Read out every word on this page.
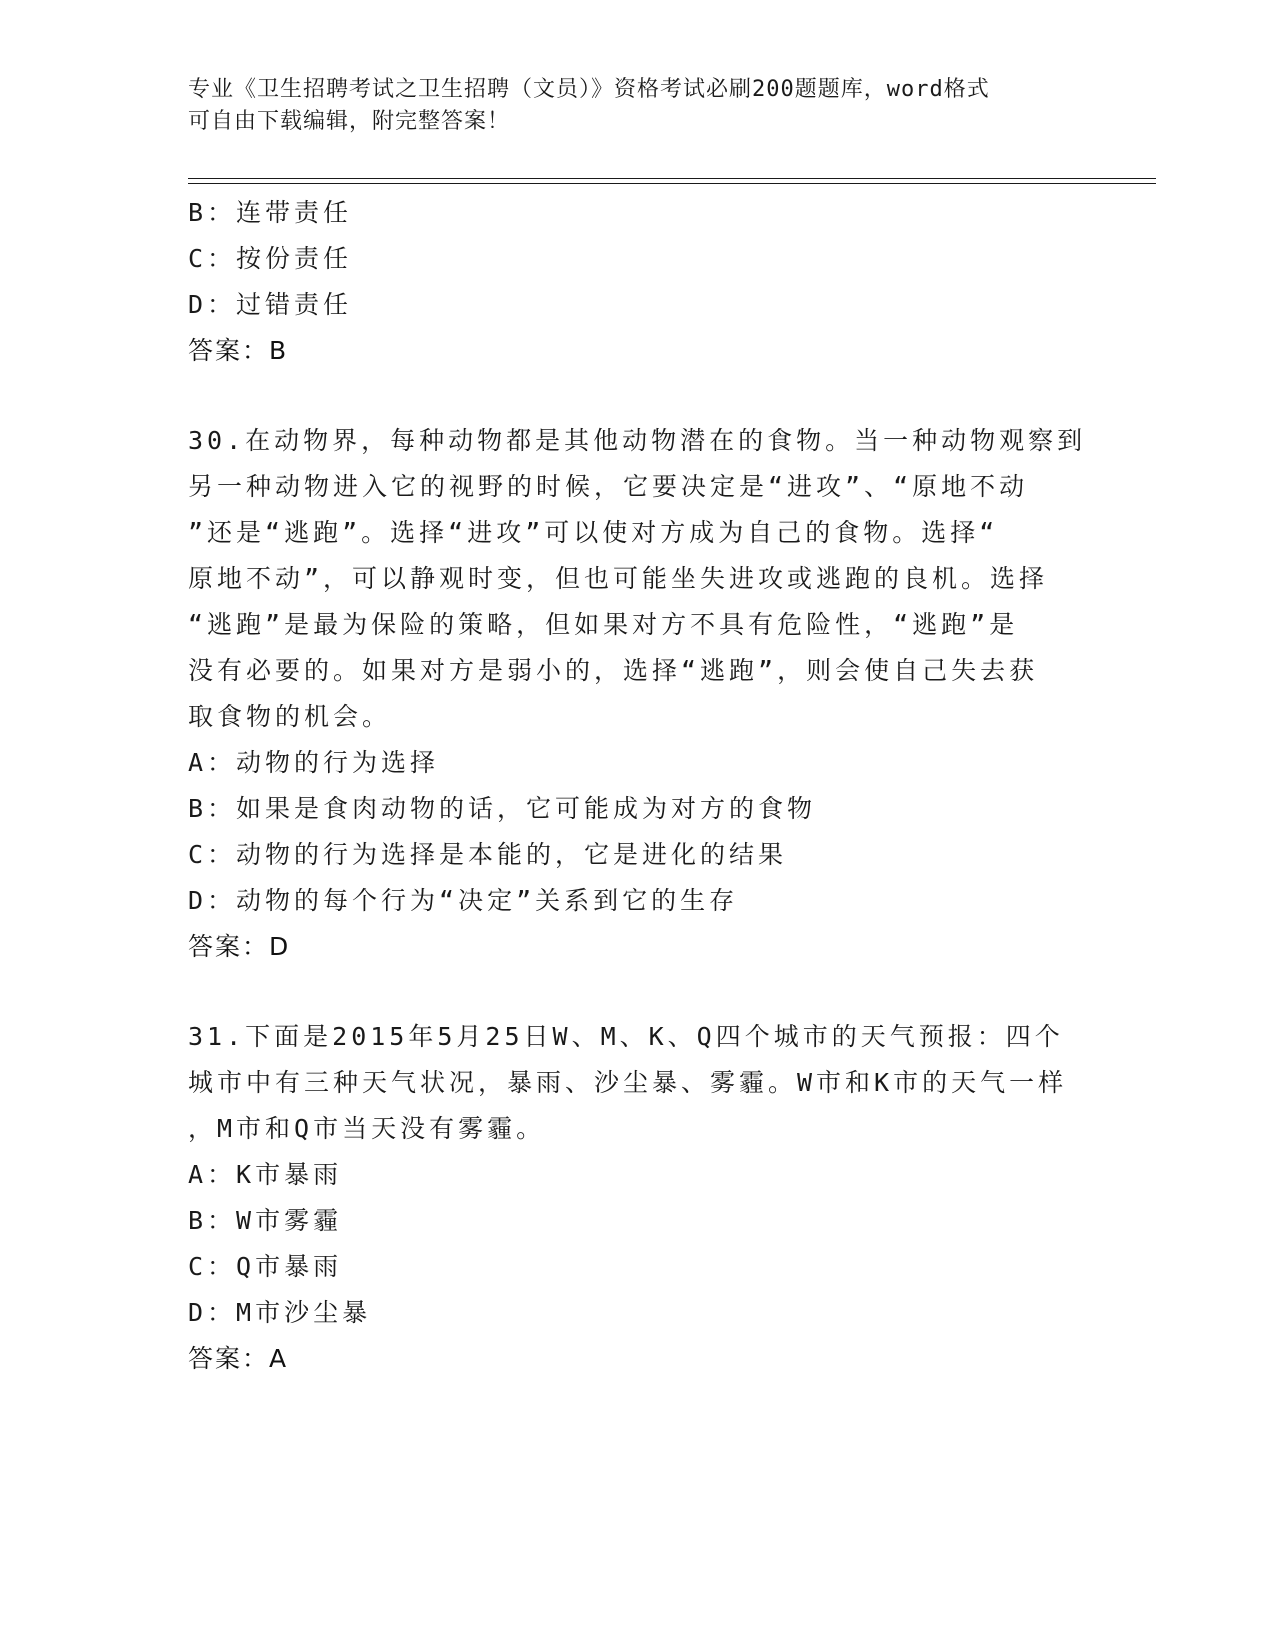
专业《卫生招聘考试之卫生招聘（文员）》资格考试必刷200题题库，word格式
可自由下载编辑，附完整答案！
B：连带责任
C：按份责任
D：过错责任
答案：B
30.在动物界，每种动物都是其他动物潜在的食物。当一种动物观察到
另一种动物进入它的视野的时候，它要决定是“进攻”、“原地不动
”还是“逃跑”。选择“进攻”可以使对方成为自己的食物。选择“
原地不动”，可以静观时变，但也可能坐失进攻或逃跑的良机。选择
“逃跑”是最为保险的策略，但如果对方不具有危险性，“逃跑”是
没有必要的。如果对方是弱小的，选择“逃跑”，则会使自己失去获
取食物的机会。
A：动物的行为选择
B：如果是食肉动物的话，它可能成为对方的食物
C：动物的行为选择是本能的，它是进化的结果
D：动物的每个行为“决定”关系到它的生存
答案：D
31.下面是2015年5月25日W、M、K、Q四个城市的天气预报：四个
城市中有三种天气状况，暴雨、沙尘暴、雾霾。W市和K市的天气一样
，M市和Q市当天没有雾霾。
A：K市暴雨
B：W市雾霾
C：Q市暴雨
D：M市沙尘暴
答案：A
